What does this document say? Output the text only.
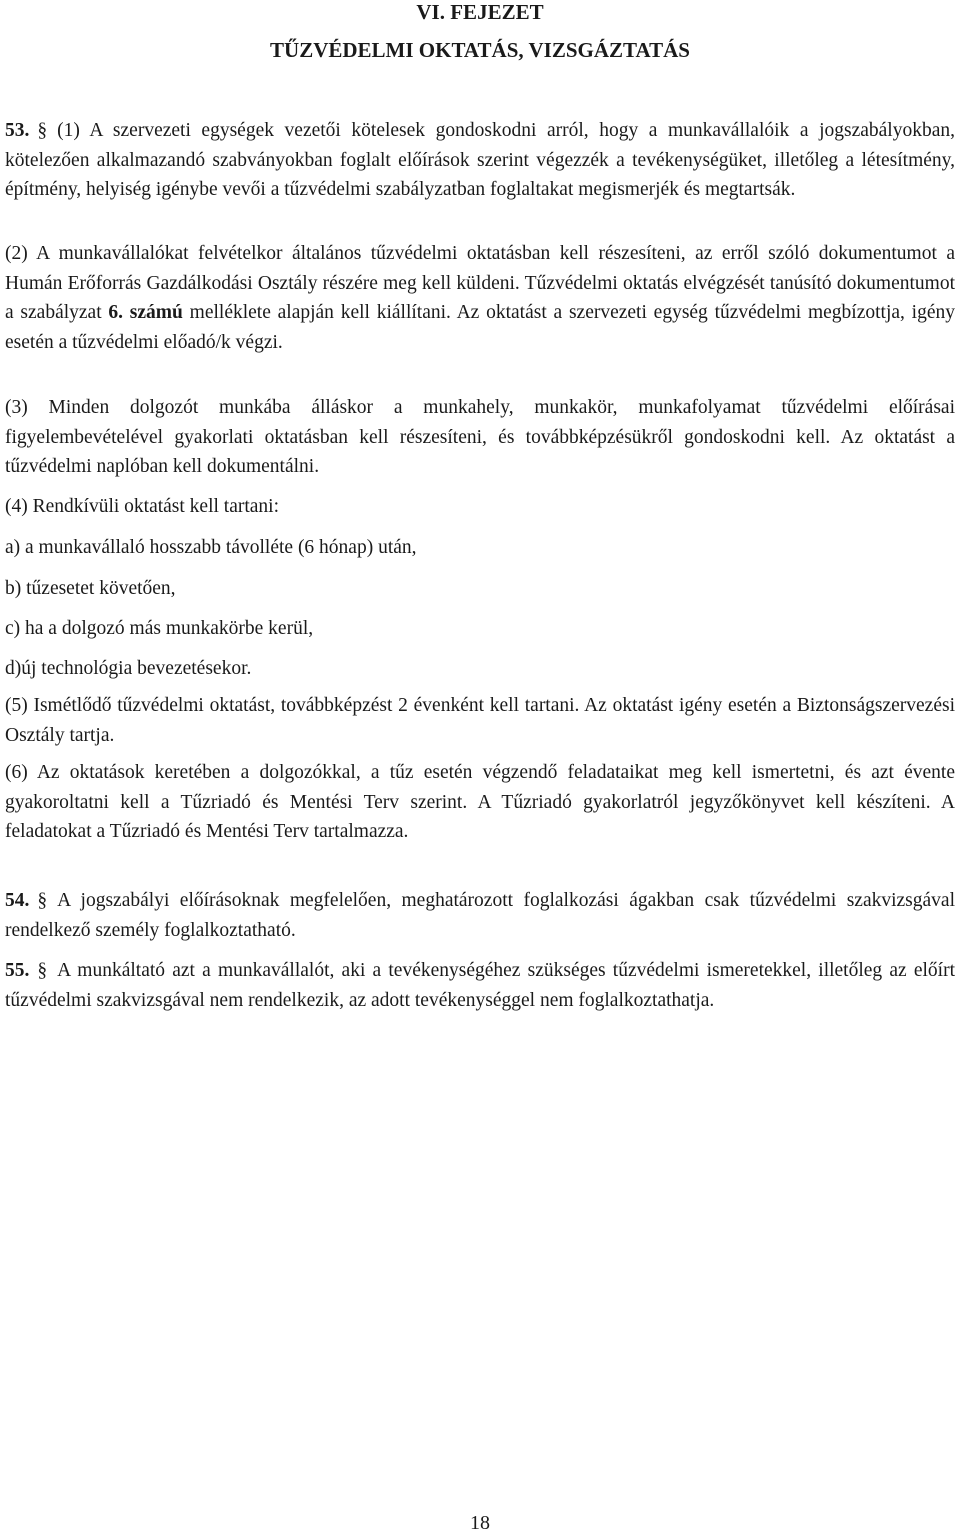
VI. FEJEZET
TŰZVÉDELMI OKTATÁS, VIZSGÁZTATÁS
53. § (1) A szervezeti egységek vezetői kötelesek gondoskodni arról, hogy a munkavállalóik a jogszabályokban, kötelezően alkalmazandó szabványokban foglalt előírások szerint végezzék a tevékenységüket, illetőleg a létesítmény, építmény, helyiség igénybe vevői a tűzvédelmi szabályzatban foglaltakat megismerjék és megtartsák.
(2) A munkavállalókat felvételkor általános tűzvédelmi oktatásban kell részesíteni, az erről szóló dokumentumot a Humán Erőforrás Gazdálkodási Osztály részére meg kell küldeni. Tűzvédelmi oktatás elvégzését tanúsító dokumentumot a szabályzat 6. számú melléklete alapján kell kiállítani. Az oktatást a szervezeti egység tűzvédelmi megbízottja, igény esetén a tűzvédelmi előadó/k végzi.
(3) Minden dolgozót munkába álláskor a munkahely, munkakör, munkafolyamat tűzvédelmi előírásai figyelembevételével gyakorlati oktatásban kell részesíteni, és továbbképzésükről gondoskodni kell. Az oktatást a tűzvédelmi naplóban kell dokumentálni.
(4) Rendkívüli oktatást kell tartani:
a) a munkavállaló hosszabb távolléte (6 hónap) után,
b) tűzesetet követően,
c) ha a dolgozó más munkakörbe kerül,
d)új technológia bevezetésekor.
(5) Ismétlődő tűzvédelmi oktatást, továbbképzést 2 évenként kell tartani. Az oktatást igény esetén a Biztonságszervezési Osztály tartja.
(6) Az oktatások keretében a dolgozókkal, a tűz esetén végzendő feladataikat meg kell ismertetni, és azt évente gyakoroltatni kell a Tűzriadó és Mentési Terv szerint. A Tűzriadó gyakorlatról jegyzőkönyvet kell készíteni. A feladatokat a Tűzriadó és Mentési Terv tartalmazza.
54. § A jogszabályi előírásoknak megfelelően, meghatározott foglalkozási ágakban csak tűzvédelmi szakvizsgával rendelkező személy foglalkoztatható.
55. § A munkáltató azt a munkavállalót, aki a tevékenységéhez szükséges tűzvédelmi ismeretekkel, illetőleg az előírt tűzvédelmi szakvizsgával nem rendelkezik, az adott tevékenységgel nem foglalkoztathatja.
18
